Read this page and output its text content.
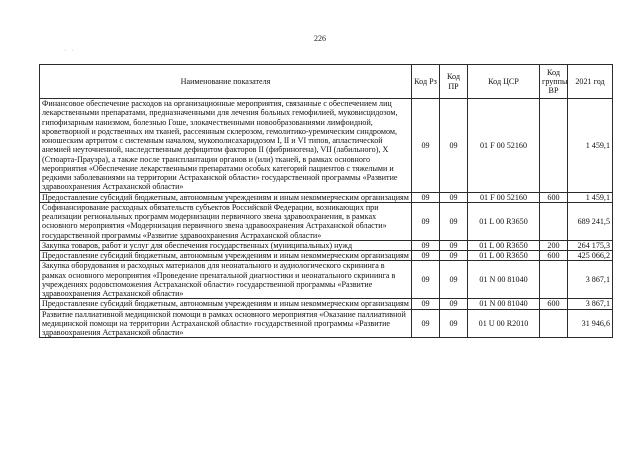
226
· ·
Наименование показателя	Код Рз	Код ПР	Код ЦСР	Код группы ВР	2021 год
Финансовое обеспечение расходов на организационные мероприятия, связанные с обеспечением лиц лекарственными препаратами, предназначенными для лечения больных гемофилией, муковисцидозом, гипофизарным нанизмом, болезнью Гоше, злокачественными новообразованиями лимфоидной, кроветворной и родственных им тканей, рассеянным склерозом, гемолитико-уремическим синдромом, юношеским артритом с системным началом, мукополисахаридозом I, II и VI типов, апластической анемией неуточненной, наследственным дефицитом факторов II (фибриногена), VII (лабильного), X (Стюарта-Прауэра), а также после трансплантации органов и (или) тканей, в рамках основного мероприятия «Обеспечение лекарственными препаратами особых категорий пациентов с тяжелыми и редкими заболеваниями на территории Астраханской области» государственной программы «Развитие здравоохранения Астраханской области»	09	09	01 F 00 52160		1 459,1
Предоставление субсидий бюджетным, автономным учреждениям и иным некоммерческим организациям	09	09	01 F 00 52160	600	1 459,1
Софинансирование расходных обязательств субъектов Российской Федерации, возникающих при реализации региональных программ модернизации первичного звена здравоохранения, в рамках основного мероприятия «Модернизация первичного звена здравоохранения Астраханской области» государственной программы «Развитие здравоохранения Астраханской области»	09	09	01 L 00 R3650		689 241,5
Закупка товаров, работ и услуг для обеспечения государственных (муниципальных) нужд	09	09	01 L 00 R3650	200	264 175,3
Предоставление субсидий бюджетным, автономным учреждениям и иным некоммерческим организациям	09	09	01 L 00 R3650	600	425 066,2
Закупка оборудования и расходных материалов для неонатального и аудиологического скрининга в рамках основного мероприятия «Проведение пренатальной диагностики и неонатального скрининга в учреждениях родовспоможения Астраханской области» государственной программы «Развитие здравоохранения Астраханской области»	09	09	01 N 00 81040		3 867,1
Предоставление субсидий бюджетным, автономным учреждениям и иным некоммерческим организациям	09	09	01 N 00 81040	600	3 867,1
Развитие паллиативной медицинской помощи в рамках основного мероприятия «Оказание паллиативной медицинской помощи на территории Астраханской области» государственной программы «Развитие здравоохранения Астраханской области»	09	09	01 U 00 R2010		31 946,6
